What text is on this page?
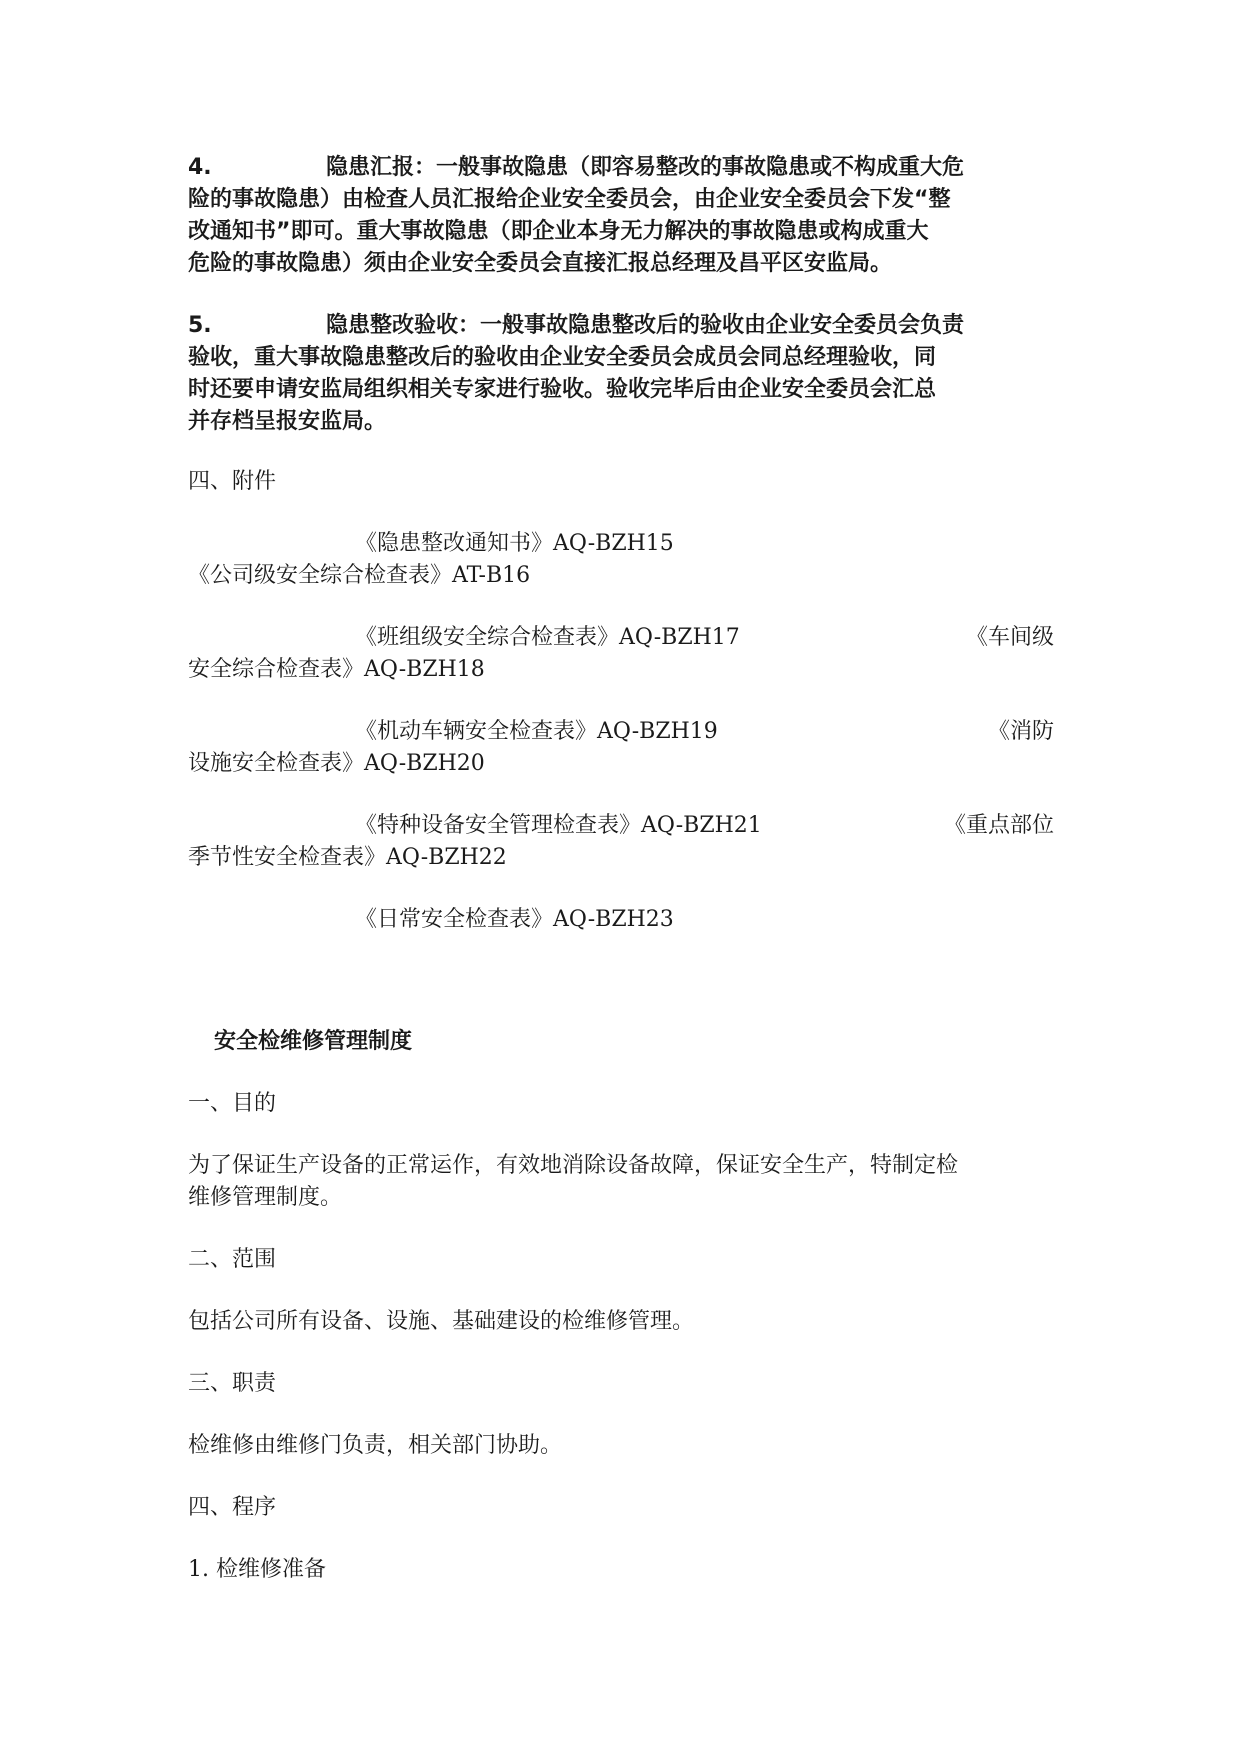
4.	隐患汇报：一般事故隐患（即容易整改的事故隐患或不构成重大危
险的事故隐患）由检查人员汇报给企业安全委员会，由企业安全委员会下发“整
改通知书”即可。重大事故隐患（即企业本身无力解决的事故隐患或构成重大
危险的事故隐患）须由企业安全委员会直接汇报总经理及昌平区安监局。
5.	隐患整改验收：一般事故隐患整改后的验收由企业安全委员会负责
验收，重大事故隐患整改后的验收由企业安全委员会成员会同总经理验收，同
时还要申请安监局组织相关专家进行验收。验收完毕后由企业安全委员会汇总
并存档呈报安监局。
四、附件
《隐患整改通知书》AQ-BZH15
《公司级安全综合检查表》AT-B16
《班组级安全综合检查表》AQ-BZH17	《车间级
安全综合检查表》AQ-BZH18
《机动车辆安全检查表》AQ-BZH19	《消防
设施安全检查表》AQ-BZH20
《特种设备安全管理检查表》AQ-BZH21	《重点部位
季节性安全检查表》AQ-BZH22
《日常安全检查表》AQ-BZH23
安全检维修管理制度
一、目的
为了保证生产设备的正常运作，有效地消除设备故障，保证安全生产，特制定检
维修管理制度。
二、范围
包括公司所有设备、设施、基础建设的检维修管理。
三、职责
检维修由维修门负责，相关部门协助。
四、程序
1. 检维修准备
